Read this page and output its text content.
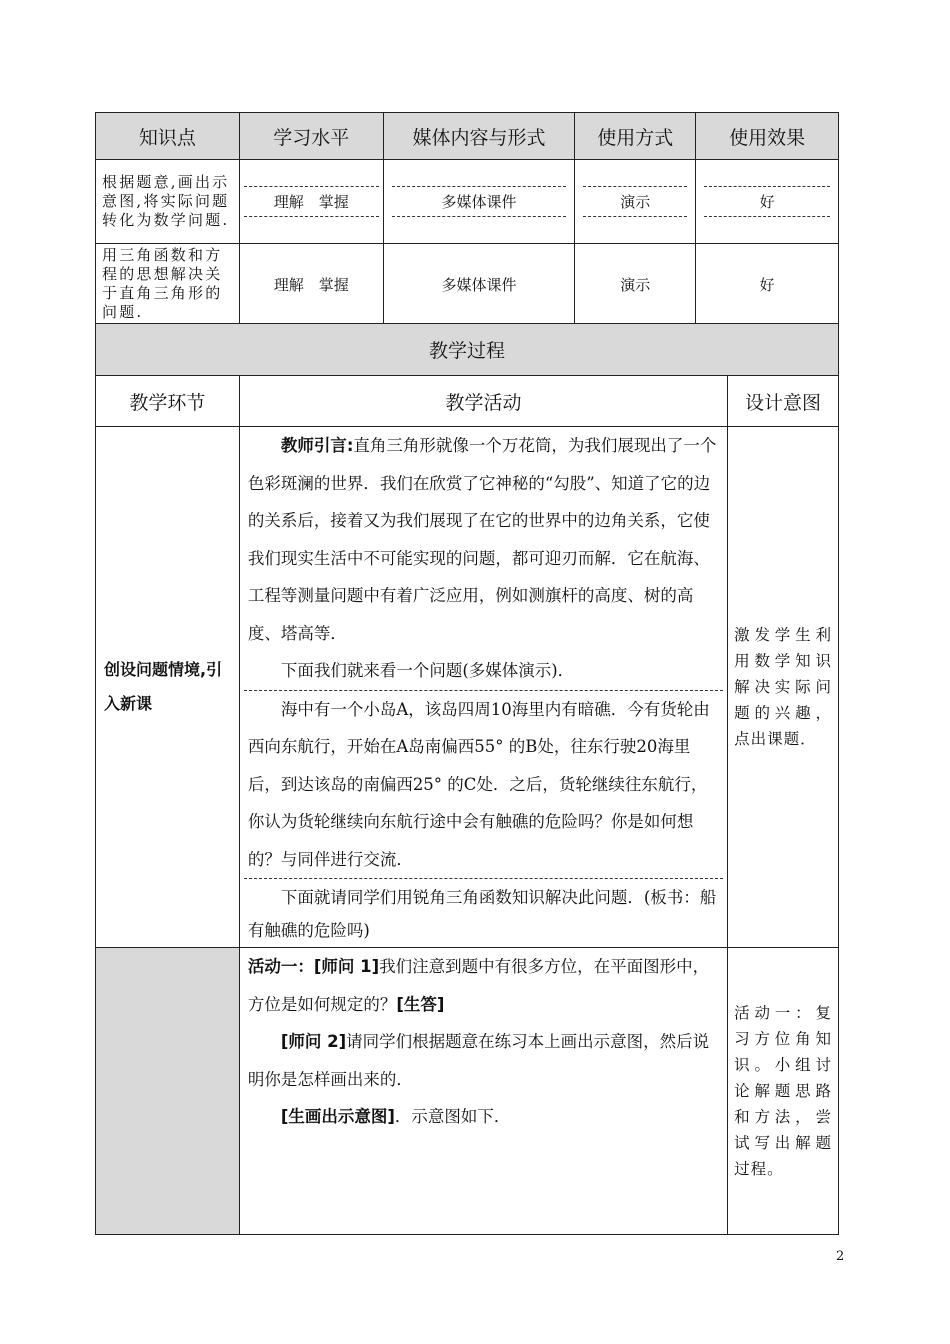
知识点	学习水平	媒体内容与形式	使用方式	使用效果
根据题意,画出示意图,将实际问题转化为数学问题.	理解　掌握	多媒体课件	演示	好

用三角函数和方程的思想解决关于直角三角形的问题.	理解　掌握	多媒体课件	演示	好
教学过程		
教学环节	教学活动	设计意图

创设问题情境,引入新课	教师引言:直角三角形就像一个万花筒，为我们展现出了一个色彩斑澜的世界．我们在欣赏了它神秘的“勾股”、知道了它的边的关系后，接着又为我们展现了在它的世界中的边角关系，它使我们现实生活中不可能实现的问题，都可迎刃而解．它在航海、工程等测量问题中有着广泛应用，例如测旗杆的高度、树的高度、塔高等．

下面我们就来看一个问题(多媒体演示)．

海中有一个小岛A，该岛四周10海里内有暗礁．今有货轮由西向东航行，开始在A岛南偏西55° 的B处，往东行驶20海里后，到达该岛的南偏西25° 的C处．之后，货轮继续往东航行，你认为货轮继续向东航行途中会有触礁的危险吗？你是如何想的？与同伴进行交流．

下面就请同学们用锐角三角函数知识解决此问题．(板书：船有触礁的危险吗)	激发学生利用数学知识解决实际问题的兴趣，点出课题．

	活动一：[师问 1]我们注意到题中有很多方位，在平面图形中，方位是如何规定的？[生答]

[师问 2]请同学们根据题意在练习本上画出示意图，然后说明你是怎样画出来的．

[生画出示意图]．示意图如下．	活动一：复习方位角知识。小组讨论解题思路和方法，尝试写出解题过程。
2
